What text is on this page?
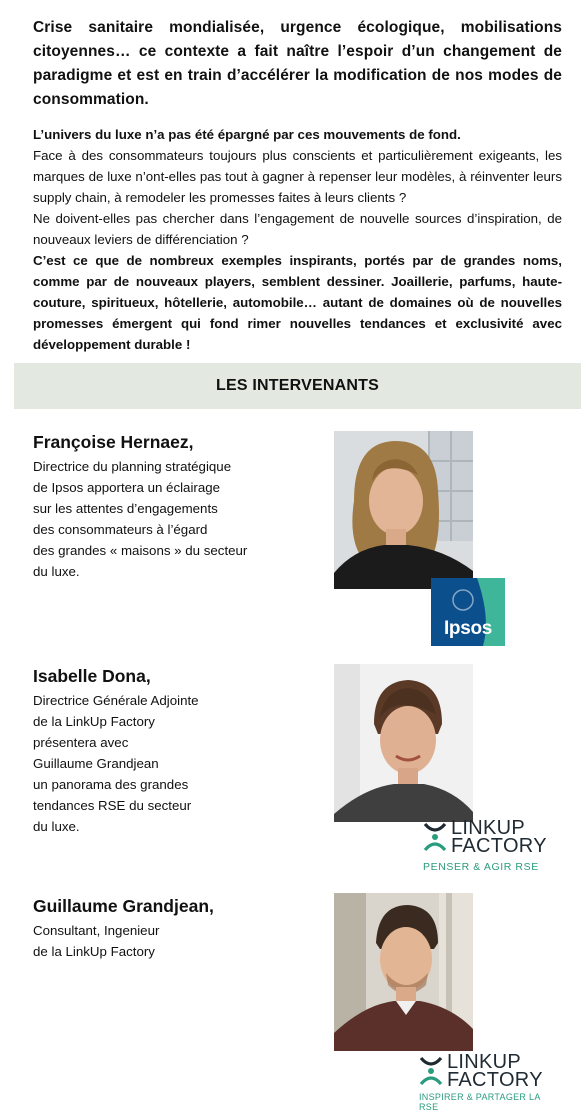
Crise sanitaire mondialisée, urgence écologique, mobilisations citoyennes… ce contexte a fait naître l’espoir d’un changement de paradigme et est en train d’accélérer la modification de nos modes de consommation.

L’univers du luxe n’a pas été épargné par ces mouvements de fond.

Face à des consommateurs toujours plus conscients et particulièrement exigeants, les marques de luxe n’ont-elles pas tout à gagner à repenser leur modèles, à réinventer leurs supply chain, à remodeler les promesses faites à leurs clients ?

Ne doivent-elles pas chercher dans l’engagement de nouvelle sources d’inspiration, de nouveaux leviers de différenciation ?

C’est ce que de nombreux exemples inspirants, portés par de grandes noms, comme par de nouveaux players, semblent dessiner. Joaillerie, parfums, haute-couture, spiritueux, hôtellerie, automobile… autant de domaines où de nouvelles promesses émergent qui fond rimer nouvelles tendances et exclusivité avec développement durable !

LES INTERVENANTS
Françoise Hernaez,
Directrice du planning stratégique
de Ipsos apportera un éclairage
sur les attentes d’engagements
des consommateurs à l’égard
des grandes « maisons » du secteur
du luxe.
Ipsos
Isabelle Dona,
Directrice Générale Adjointe
de la LinkUp Factory
présentera avec
Guillaume Grandjean
un panorama des grandes
tendances RSE du secteur
du luxe.	LINKUP
FACTORY
PENSER & AGIR RSE
Guillaume Grandjean,
Consultant, Ingenieur
de la LinkUp Factory
LINKUP
FACTORY
INSPIRER & PARTAGER LA RSE
